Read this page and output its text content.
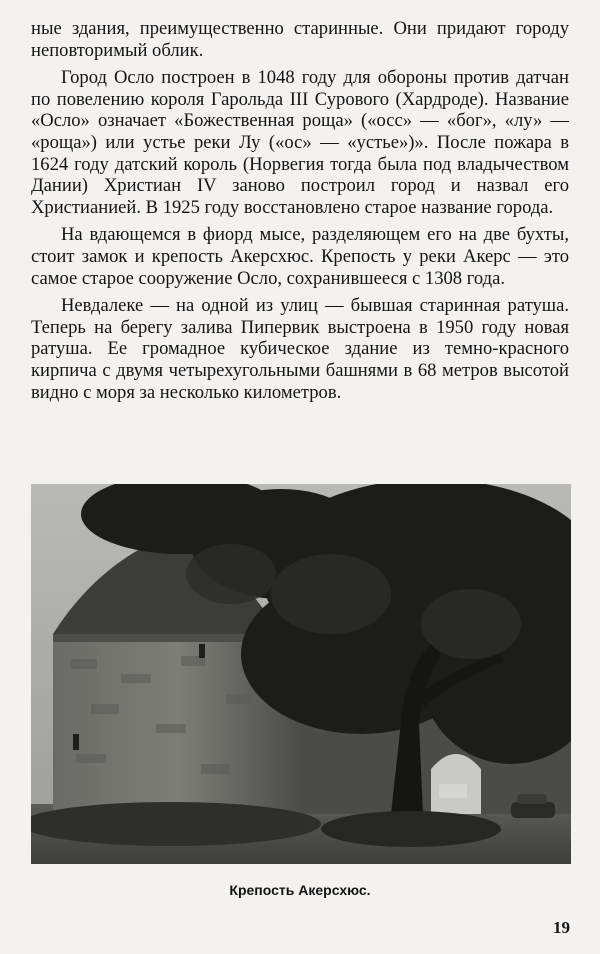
ные здания, преимущественно старинные. Они придают городу неповторимый облик.

Город Осло построен в 1048 году для обороны против датчан по повелению короля Гарольда III Сурового (Хардроде). Название «Осло» означает «Божественная роща» («осс» — «бог», «лу» — «роща») или устье реки Лу («ос» — «устье»)». После пожара в 1624 году датский король (Норвегия тогда была под владычеством Дании) Христиан IV заново построил город и назвал его Христианией. В 1925 году восстановлено старое название города.

На вдающемся в фиорд мысе, разделяющем его на две бухты, стоит замок и крепость Акерсхюс. Крепость у реки Акерс — это самое старое сооружение Осло, сохранившееся с 1308 года.

Невдалеке — на одной из улиц — бывшая старинная ратуша. Теперь на берегу залива Пипервик выстроена в 1950 году новая ратуша. Ее громадное кубическое здание из темно-красного кирпича с двумя четырехугольными башнями в 68 метров высотой видно с моря за несколько километров.

Крепость Акерсхюс.
19
